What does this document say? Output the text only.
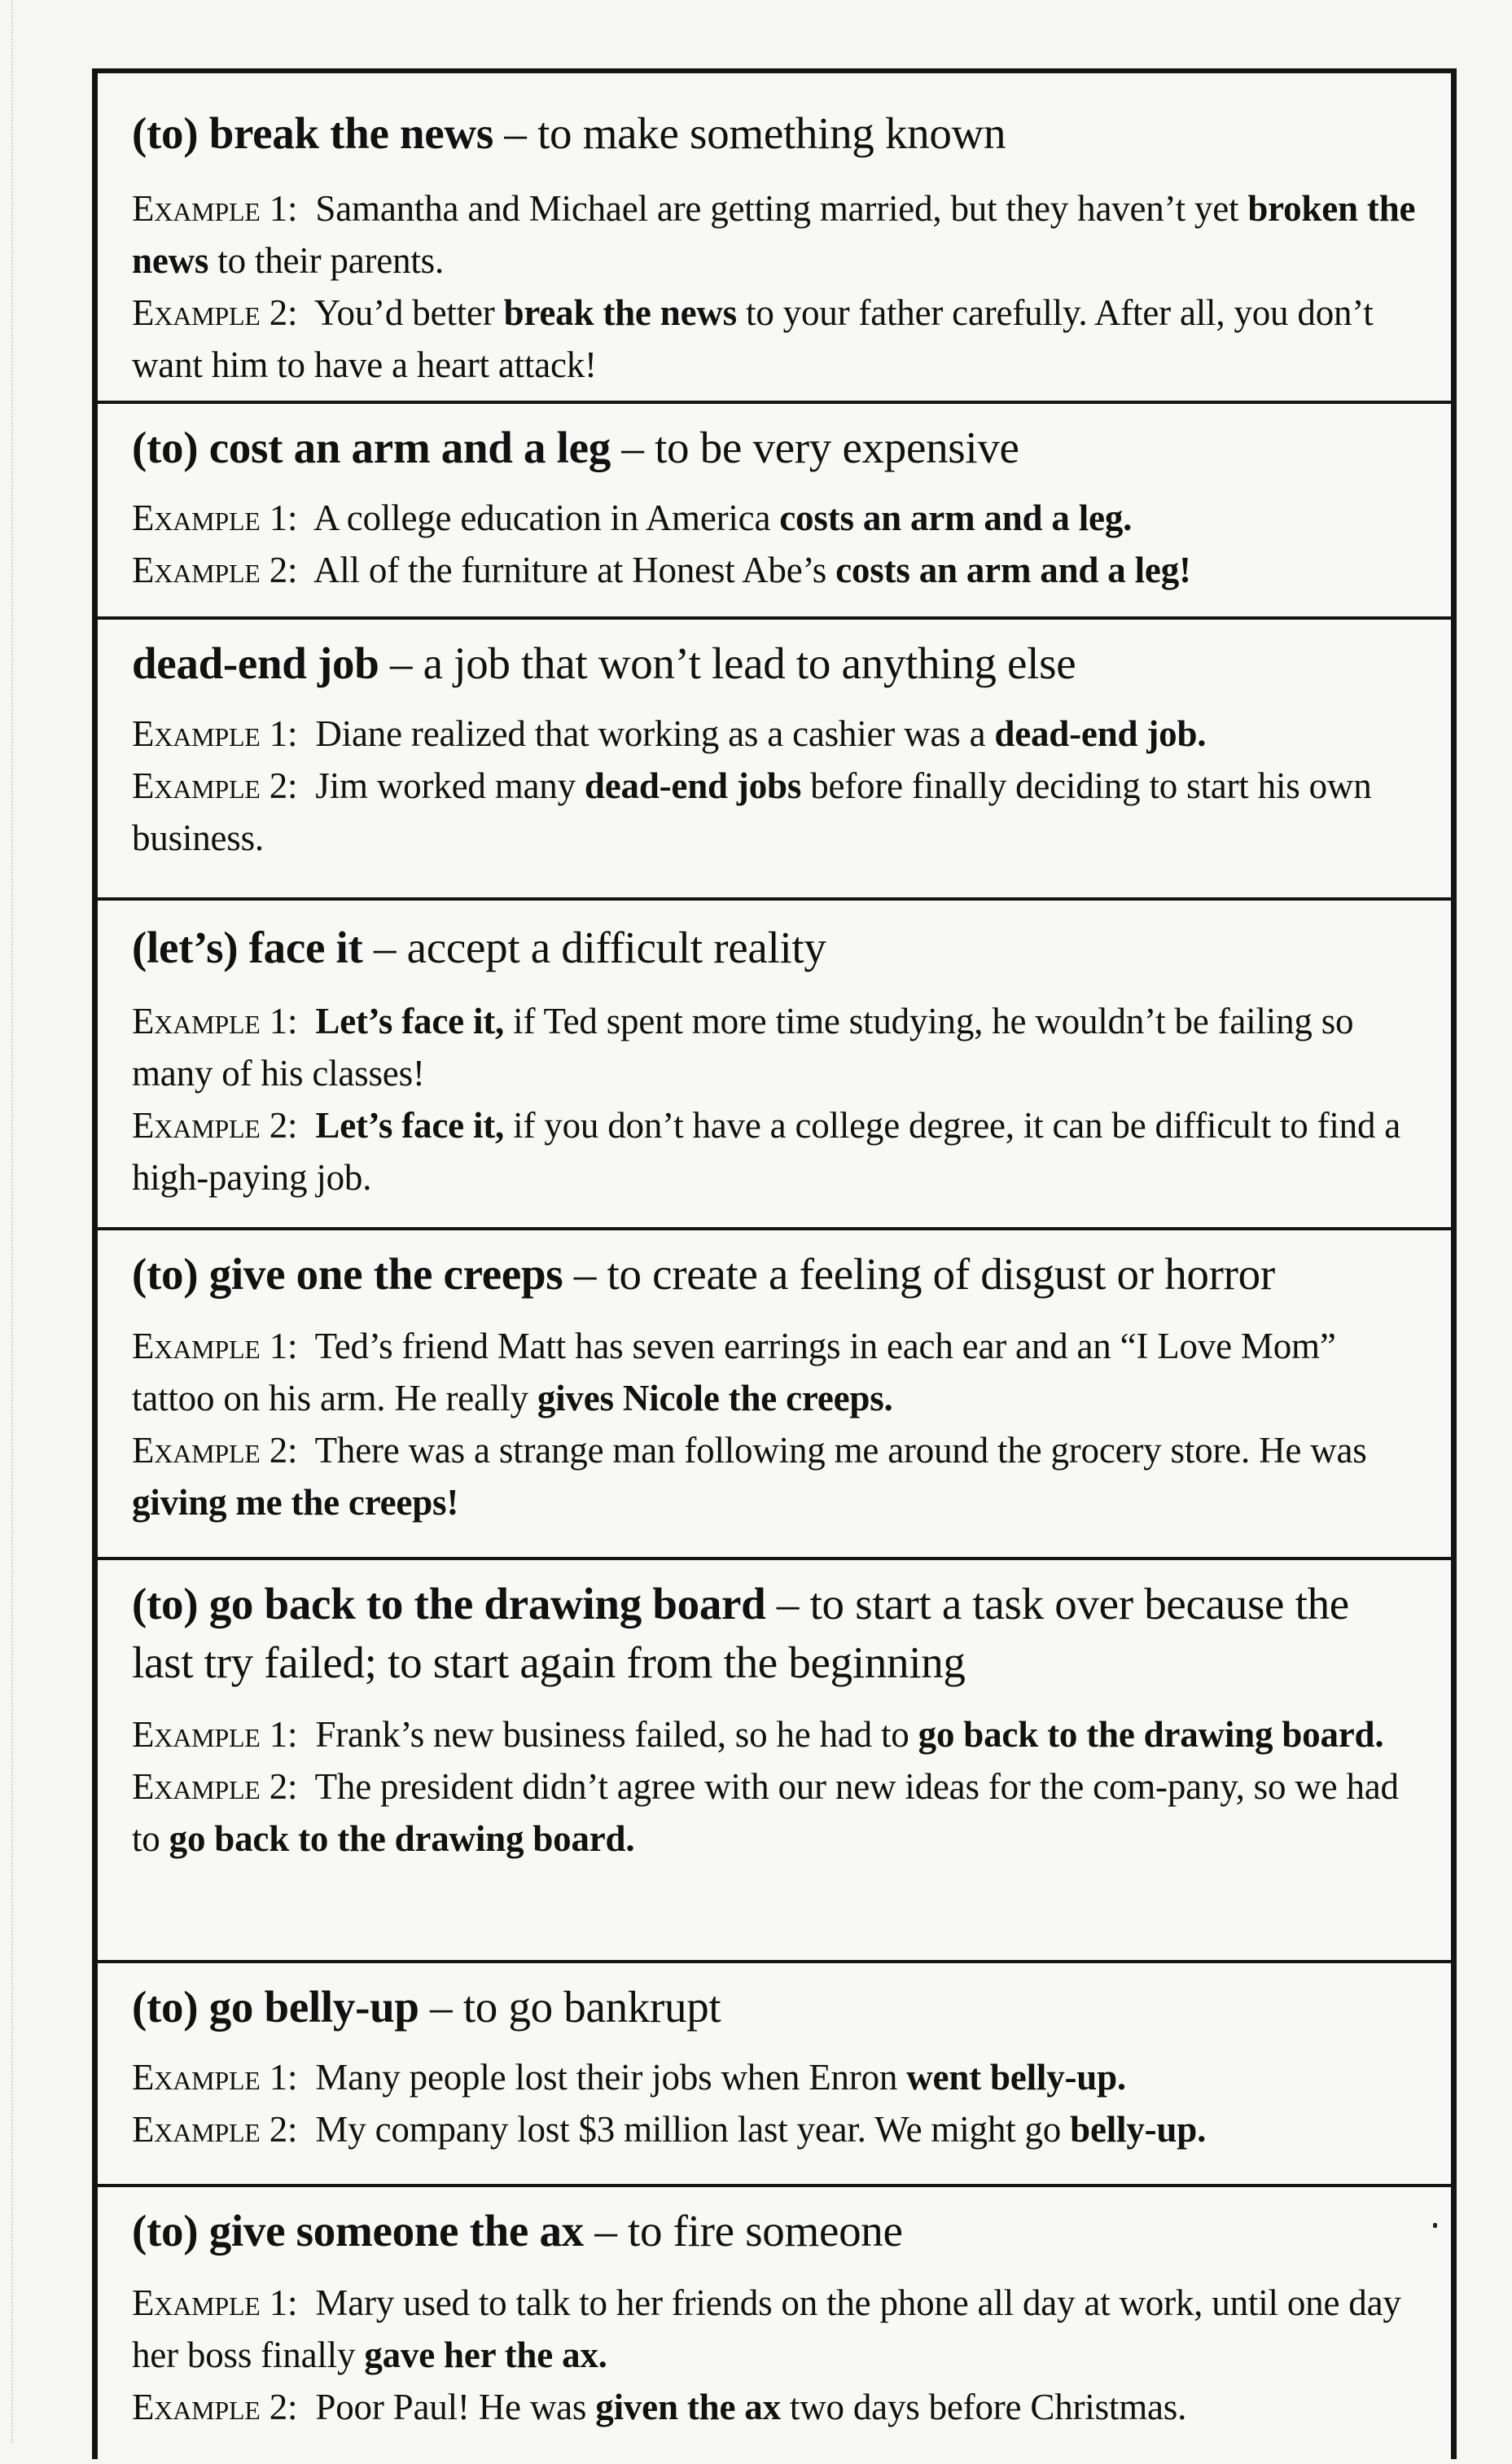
(to) break the news – to make something known
Example 1: Samantha and Michael are getting married, but they haven’t yet broken the news to their parents.
Example 2: You’d better break the news to your father carefully. After all, you don’t want him to have a heart attack!
(to) cost an arm and a leg – to be very expensive
Example 1: A college education in America costs an arm and a leg.
Example 2: All of the furniture at Honest Abe’s costs an arm and a leg!
dead-end job – a job that won’t lead to anything else
Example 1: Diane realized that working as a cashier was a dead-end job.
Example 2: Jim worked many dead-end jobs before finally deciding to start his own business.
(let’s) face it – accept a difficult reality
Example 1: Let’s face it, if Ted spent more time studying, he wouldn’t be failing so many of his classes!
Example 2: Let’s face it, if you don’t have a college degree, it can be difficult to find a high-paying job.
(to) give one the creeps – to create a feeling of disgust or horror
Example 1: Ted’s friend Matt has seven earrings in each ear and an “I Love Mom” tattoo on his arm. He really gives Nicole the creeps.
Example 2: There was a strange man following me around the grocery store. He was giving me the creeps!
(to) go back to the drawing board – to start a task over because the last try failed; to start again from the beginning
Example 1: Frank’s new business failed, so he had to go back to the drawing board.
Example 2: The president didn’t agree with our new ideas for the com-pany, so we had to go back to the drawing board.
(to) go belly-up – to go bankrupt
Example 1: Many people lost their jobs when Enron went belly-up.
Example 2: My company lost $3 million last year. We might go belly-up.
(to) give someone the ax – to fire someone
Example 1: Mary used to talk to her friends on the phone all day at work, until one day her boss finally gave her the ax.
Example 2: Poor Paul! He was given the ax two days before Christmas.
